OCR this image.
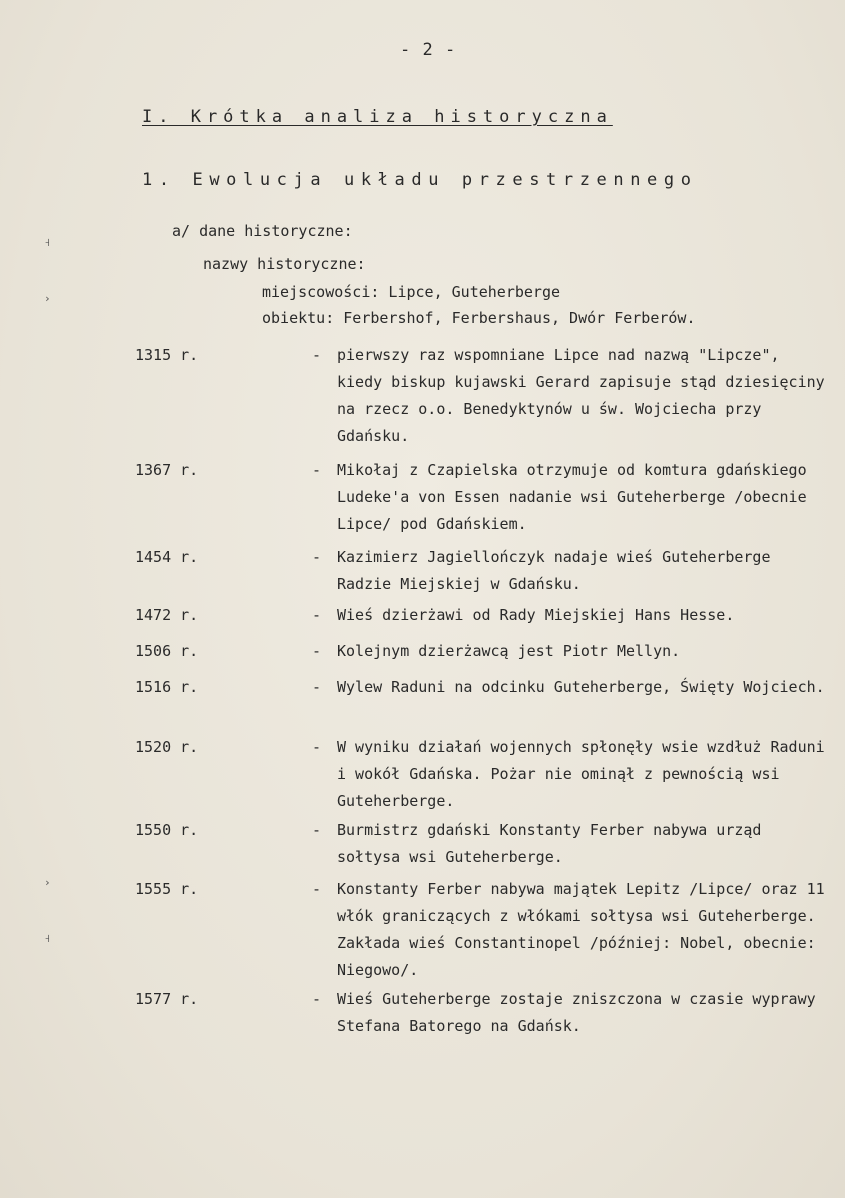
- 2 -
I. Krótka analiza historyczna
1. Ewolucja układu przestrzennego
a/ dane historyczne:
nazwy historyczne:
miejscowości: Lipce, Guteherberge
obiektu: Ferbershof, Ferbershaus, Dwór Ferberów.
1315 r.	-	pierwszy raz wspomniane Lipce nad nazwą "Lipcze", kiedy biskup kujawski Gerard zapisuje stąd dziesięciny na rzecz o.o. Benedyktynów u św. Wojciecha przy Gdańsku.
1367 r.	-	Mikołaj z Czapielska otrzymuje od komtura gdańskiego Ludeke'a von Essen nadanie wsi Guteherberge /obecnie Lipce/ pod Gdańskiem.
1454 r.	-	Kazimierz Jagiellończyk nadaje wieś Guteherberge Radzie Miejskiej w Gdańsku.
1472 r.	-	Wieś dzierżawi od Rady Miejskiej Hans Hesse.
1506 r.	-	Kolejnym dzierżawcą jest Piotr Mellyn.
1516 r.	-	Wylew Raduni na odcinku Guteherberge, Święty Wojciech.
1520 r.	-	W wyniku działań wojennych spłonęły wsie wzdłuż Raduni i wokół Gdańska. Pożar nie ominął z pewnością wsi Guteherberge.
1550 r.	-	Burmistrz gdański Konstanty Ferber nabywa urząd sołtysa wsi Guteherberge.
1555 r.	-	Konstanty Ferber nabywa majątek Lepitz /Lipce/ oraz 11 włók graniczących z włókami sołtysa wsi Guteherberge. Zakłada wieś Constantinopel /później: Nobel, obecnie: Niegowo/.
1577 r.	-	Wieś Guteherberge zostaje zniszczona w czasie wyprawy Stefana Batorego na Gdańsk.
˧
›
›
˧
